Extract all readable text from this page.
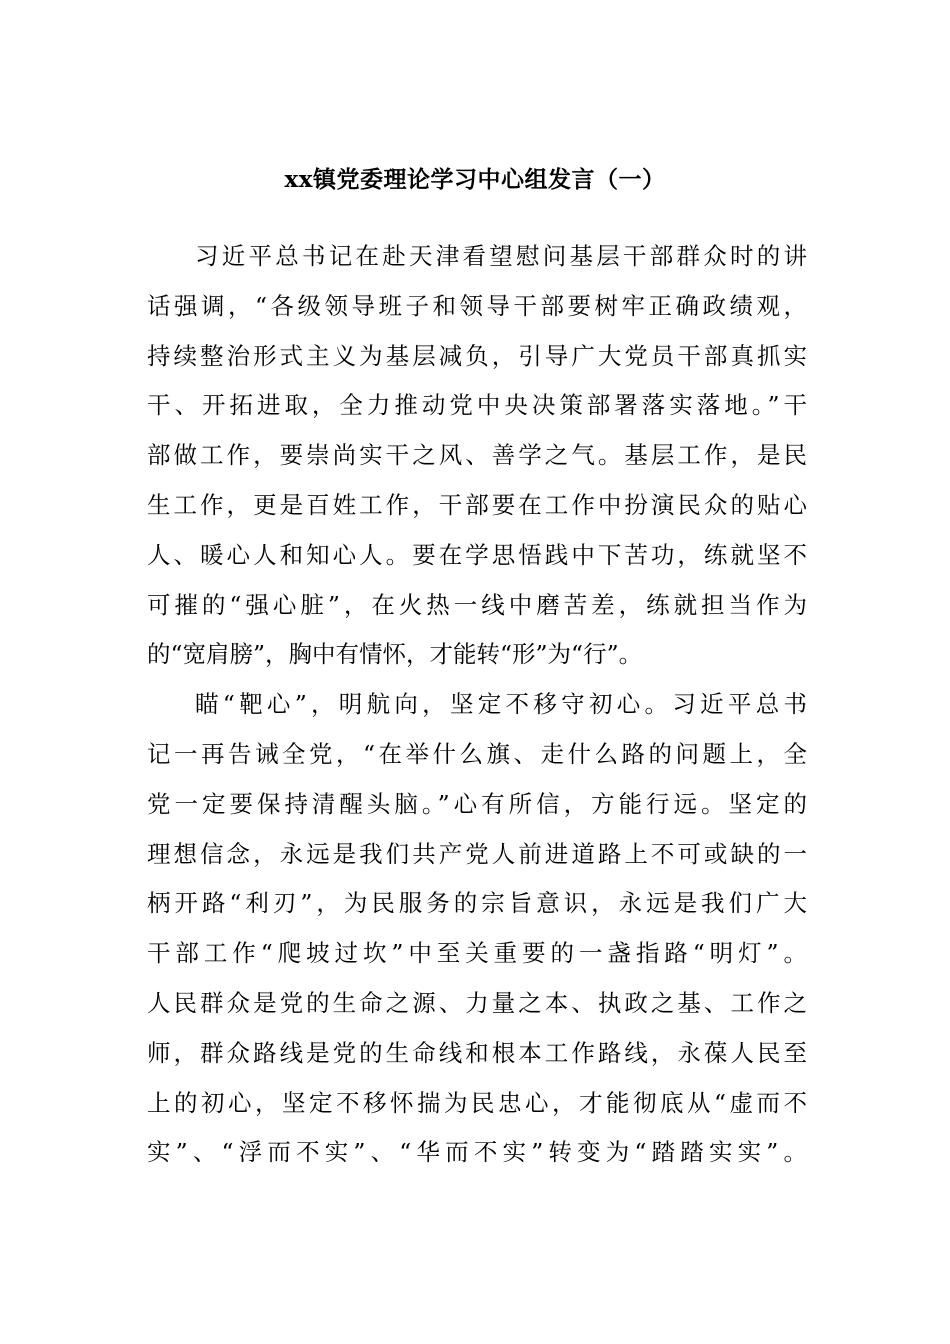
xx镇党委理论学习中心组发言（一）
习近平总书记在赴天津看望慰问基层干部群众时的讲
话强调，“各级领导班子和领导干部要树牢正确政绩观，
持续整治形式主义为基层减负，引导广大党员干部真抓实
干、开拓进取，全力推动党中央决策部署落实落地。”干
部做工作，要崇尚实干之风、善学之气。基层工作，是民
生工作，更是百姓工作，干部要在工作中扮演民众的贴心
人、暖心人和知心人。要在学思悟践中下苦功，练就坚不
可摧的“强心脏”，在火热一线中磨苦差，练就担当作为
的“宽肩膀”，胸中有情怀，才能转“形”为“行”。
瞄“靶心”，明航向，坚定不移守初心。习近平总书
记一再告诫全党，“在举什么旗、走什么路的问题上，全
党一定要保持清醒头脑。”心有所信，方能行远。坚定的
理想信念，永远是我们共产党人前进道路上不可或缺的一
柄开路“利刃”，为民服务的宗旨意识，永远是我们广大
干部工作“爬坡过坎”中至关重要的一盏指路“明灯”。
人民群众是党的生命之源、力量之本、执政之基、工作之
师，群众路线是党的生命线和根本工作路线，永葆人民至
上的初心，坚定不移怀揣为民忠心，才能彻底从“虚而不
实”、“浮而不实”、“华而不实”转变为“踏踏实实”。
